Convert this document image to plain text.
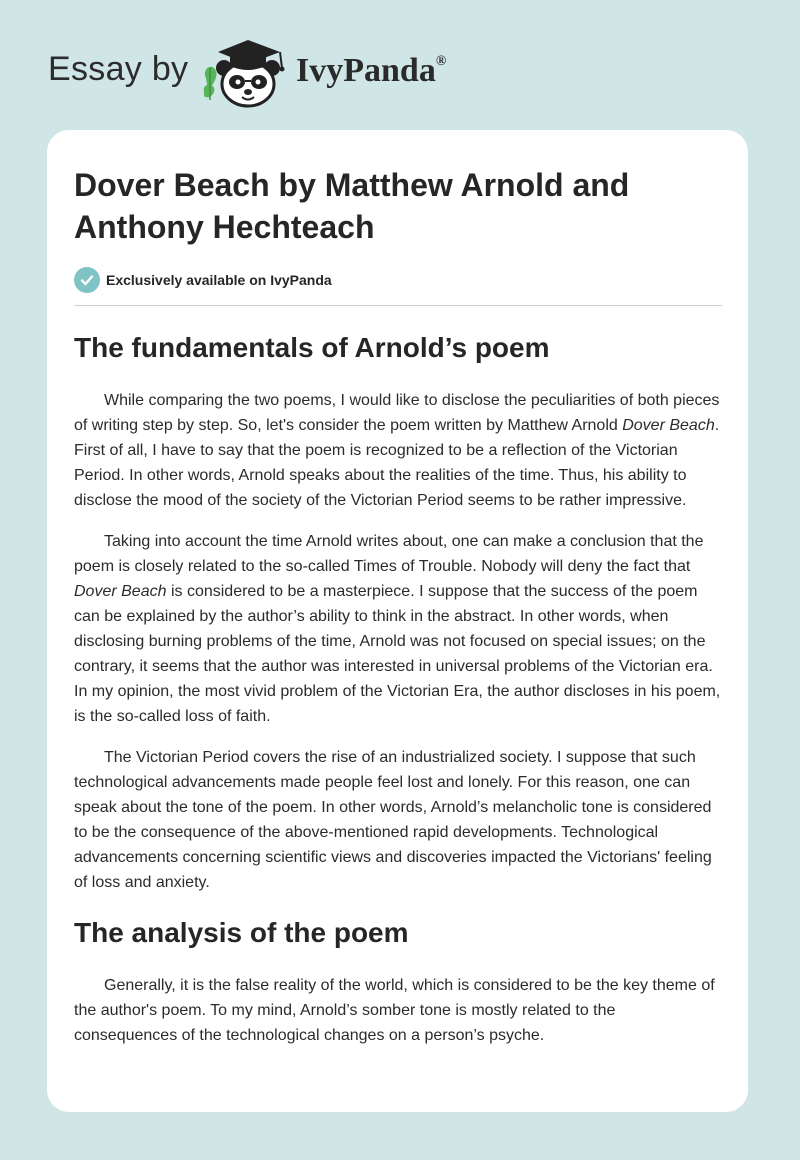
Essay by	IvyPanda®
Dover Beach by Matthew Arnold and Anthony Hechteach
Exclusively available on IvyPanda
The fundamentals of Arnold’s poem

While comparing the two poems, I would like to disclose the peculiarities of both pieces of writing step by step. So, let's consider the poem written by Matthew Arnold Dover Beach. First of all, I have to say that the poem is recognized to be a reflection of the Victorian Period. In other words, Arnold speaks about the realities of the time. Thus, his ability to disclose the mood of the society of the Victorian Period seems to be rather impressive.

Taking into account the time Arnold writes about, one can make a conclusion that the poem is closely related to the so-called Times of Trouble. Nobody will deny the fact that Dover Beach is considered to be a masterpiece. I suppose that the success of the poem can be explained by the author’s ability to think in the abstract. In other words, when disclosing burning problems of the time, Arnold was not focused on special issues; on the contrary, it seems that the author was interested in universal problems of the Victorian era. In my opinion, the most vivid problem of the Victorian Era, the author discloses in his poem, is the so-called loss of faith.

The Victorian Period covers the rise of an industrialized society. I suppose that such technological advancements made people feel lost and lonely. For this reason, one can speak about the tone of the poem. In other words, Arnold’s melancholic tone is considered to be the consequence of the above-mentioned rapid developments. Technological advancements concerning scientific views and discoveries impacted the Victorians' feeling of loss and anxiety.

The analysis of the poem

Generally, it is the false reality of the world, which is considered to be the key theme of the author's poem. To my mind, Arnold’s somber tone is mostly related to the consequences of the technological changes on a person’s psyche.
